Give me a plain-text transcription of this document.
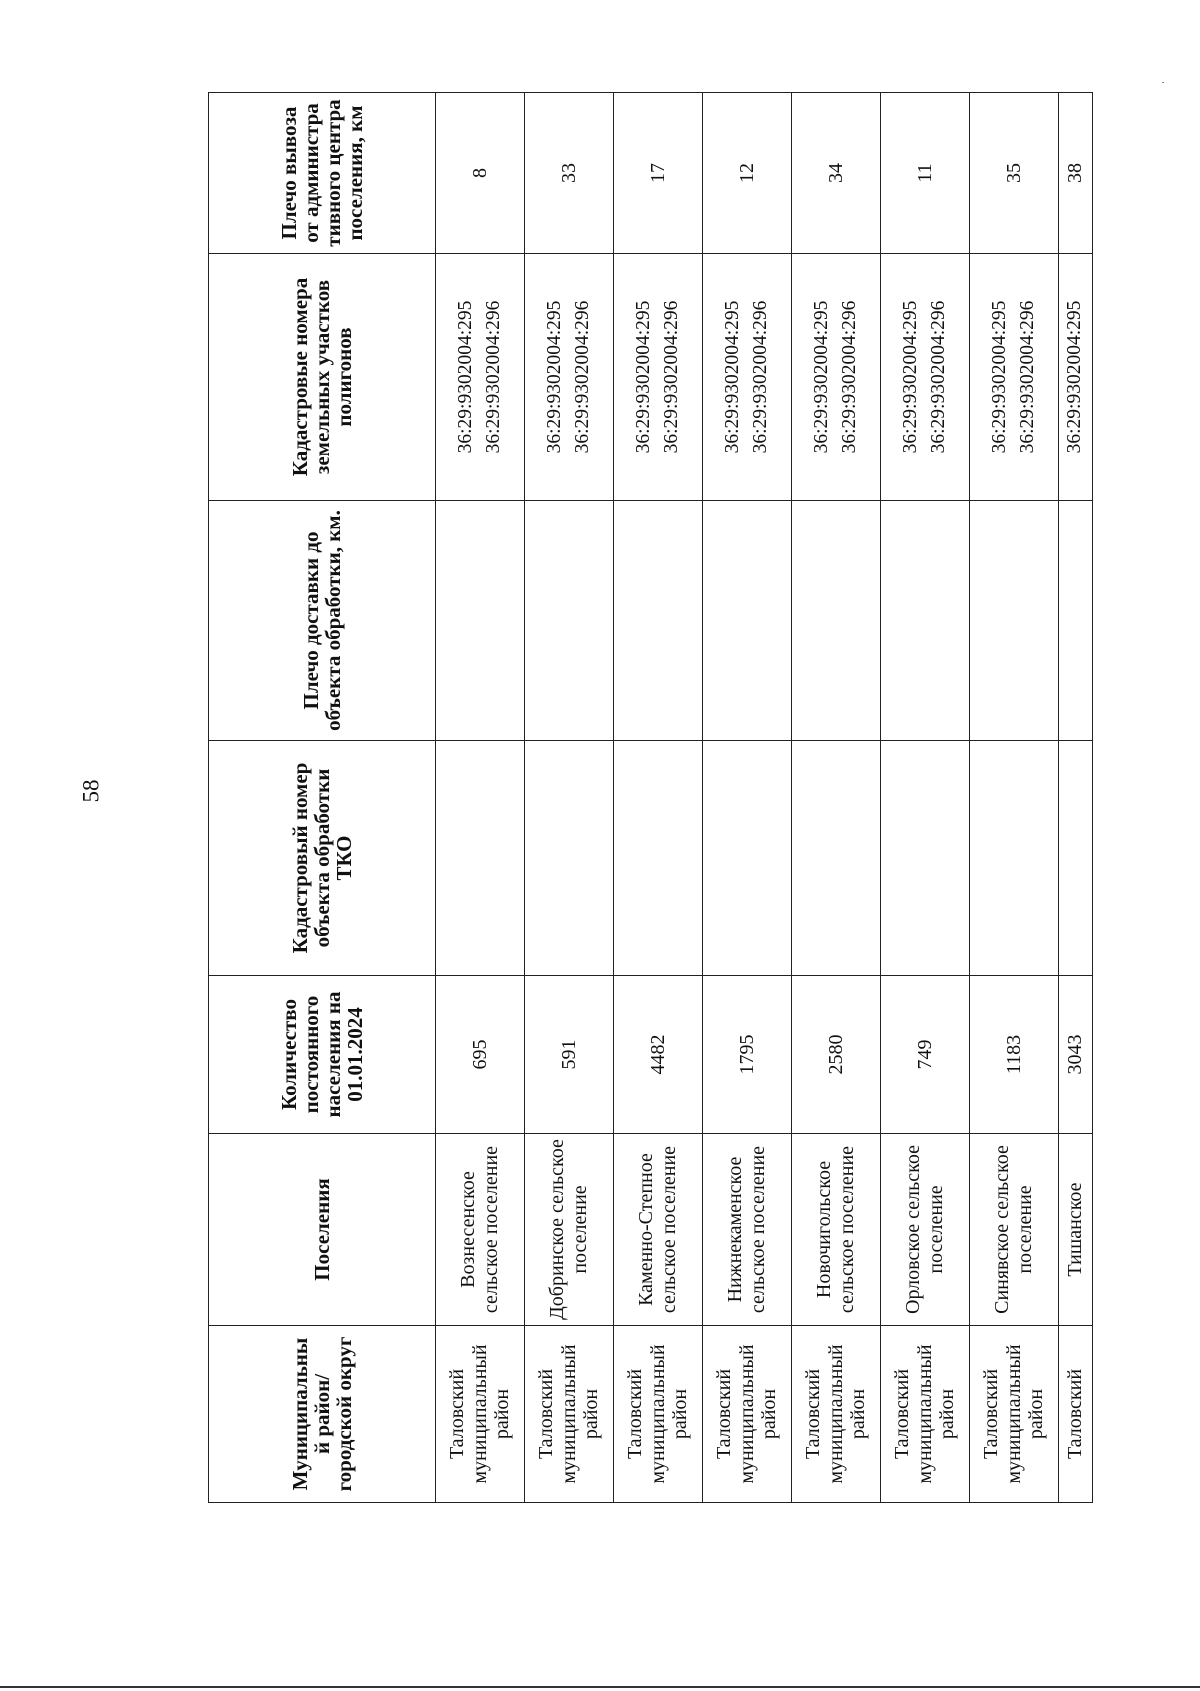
58
Муниципальны й район/ городской округ	Поселения	Количество постоянного населения на 01.01.2024	Кадастровый номер объекта обработки ТКО	Плечо доставки до объекта обработки, км.	Кадастровые номера земельных участков полигонов	Плечо вывоза от администра тивного центра поселения, км
Таловский муниципальный район	Вознесенское сельское поселение	695			36:29:9302004:295 36:29:9302004:296	8
Таловский муниципальный район	Добринское сельское поселение	591			36:29:9302004:295 36:29:9302004:296	33
Таловский муниципальный район	Каменно-Степное сельское поселение	4482			36:29:9302004:295 36:29:9302004:296	17
Таловский муниципальный район	Нижнекаменское сельское поселение	1795			36:29:9302004:295 36:29:9302004:296	12
Таловский муниципальный район	Новочигольское сельское поселение	2580			36:29:9302004:295 36:29:9302004:296	34
Таловский муниципальный район	Орловское сельское поселение	749			36:29:9302004:295 36:29:9302004:296	11
Таловский муниципальный район	Синявское сельское поселение	1183			36:29:9302004:295 36:29:9302004:296	35
Таловский	Тишанское	3043			36:29:9302004:295	38
